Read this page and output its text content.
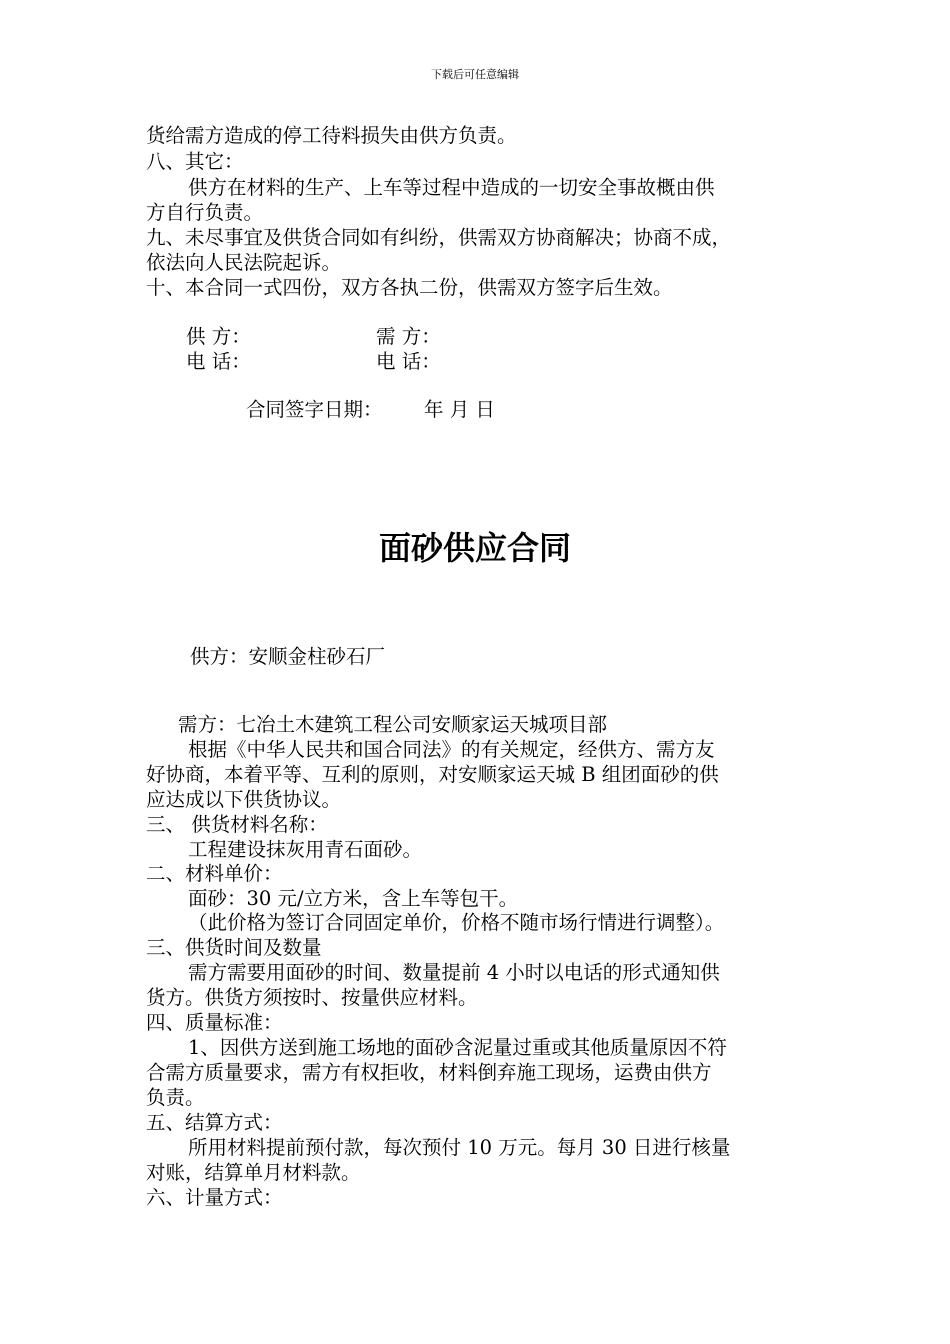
下载后可任意编辑
货给需方造成的停工待料损失由供方负责。
八、其它：
供方在材料的生产、上车等过程中造成的一切安全事故概由供
方自行负责。
九、未尽事宜及供货合同如有纠纷，供需双方协商解决；协商不成，
依法向人民法院起诉。
十、本合同一式四份，双方各执二份，供需双方签字后生效。
供 方：	需 方：
电 话：	电 话：
合同签字日期： 年 月 日
面砂供应合同
供方：安顺金柱砂石厂
需方：七冶土木建筑工程公司安顺家运天城项目部
根据《中华人民共和国合同法》的有关规定，经供方、需方友
好协商，本着平等、互利的原则，对安顺家运天城 B 组团面砂的供
应达成以下供货协议。
三、 供货材料名称：
工程建设抹灰用青石面砂。
二、材料单价：
面砂：30 元/立方米，含上车等包干。
（此价格为签订合同固定单价，价格不随市场行情进行调整）。
三、供货时间及数量
需方需要用面砂的时间、数量提前 4 小时以电话的形式通知供
货方。供货方须按时、按量供应材料。
四、质量标准：
1、因供方送到施工场地的面砂含泥量过重或其他质量原因不符
合需方质量要求，需方有权拒收，材料倒弃施工现场，运费由供方
负责。
五、结算方式：
所用材料提前预付款，每次预付 10 万元。每月 30 日进行核量
对账，结算单月材料款。
六、计量方式：
